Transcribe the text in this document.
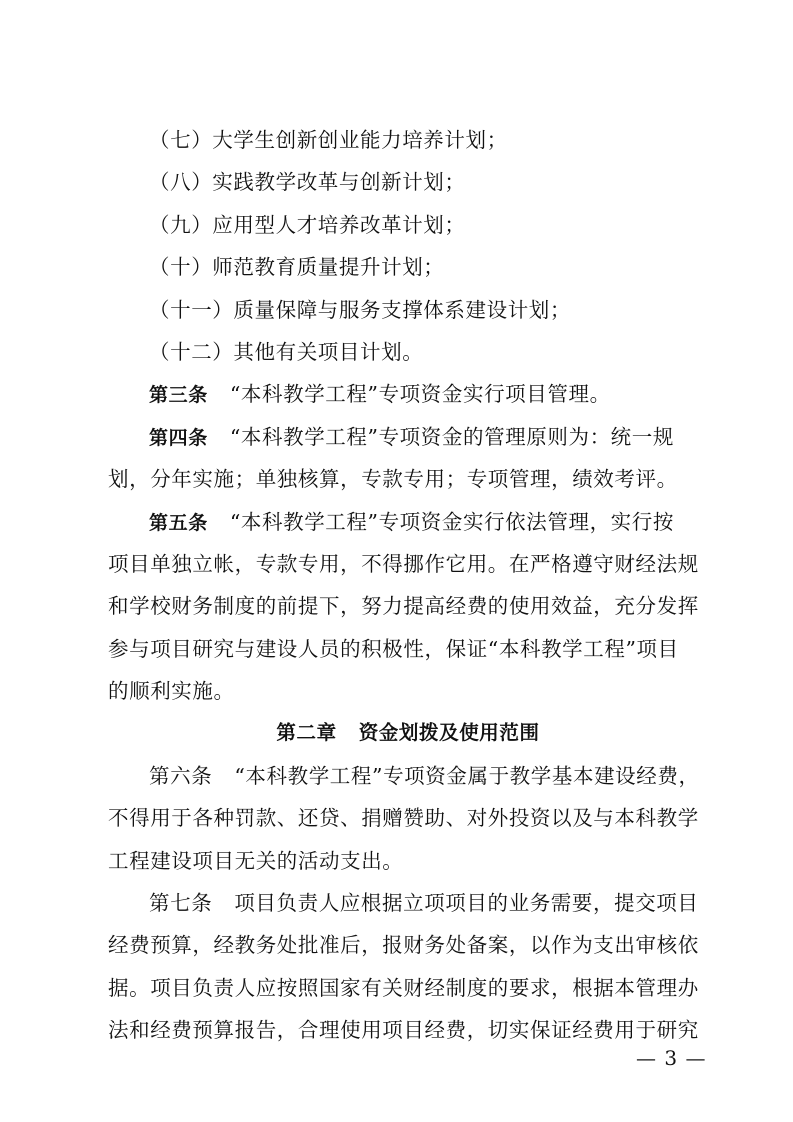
（七）大学生创新创业能力培养计划；
（八）实践教学改革与创新计划；
（九）应用型人才培养改革计划；
（十）师范教育质量提升计划；
（十一）质量保障与服务支撑体系建设计划；
（十二）其他有关项目计划。
第三条 “本科教学工程”专项资金实行项目管理。
第四条 “本科教学工程”专项资金的管理原则为：统一规
划，分年实施；单独核算，专款专用；专项管理，绩效考评。
第五条 “本科教学工程”专项资金实行依法管理，实行按
项目单独立帐，专款专用，不得挪作它用。在严格遵守财经法规
和学校财务制度的前提下，努力提高经费的使用效益，充分发挥
参与项目研究与建设人员的积极性，保证“本科教学工程”项目
的顺利实施。
第二章 资金划拨及使用范围
第六条 “本科教学工程”专项资金属于教学基本建设经费，
不得用于各种罚款、还贷、捐赠赞助、对外投资以及与本科教学
工程建设项目无关的活动支出。
第七条 项目负责人应根据立项项目的业务需要，提交项目
经费预算，经教务处批准后，报财务处备案，以作为支出审核依
据。项目负责人应按照国家有关财经制度的要求，根据本管理办
法和经费预算报告，合理使用项目经费，切实保证经费用于研究
— 3 —
